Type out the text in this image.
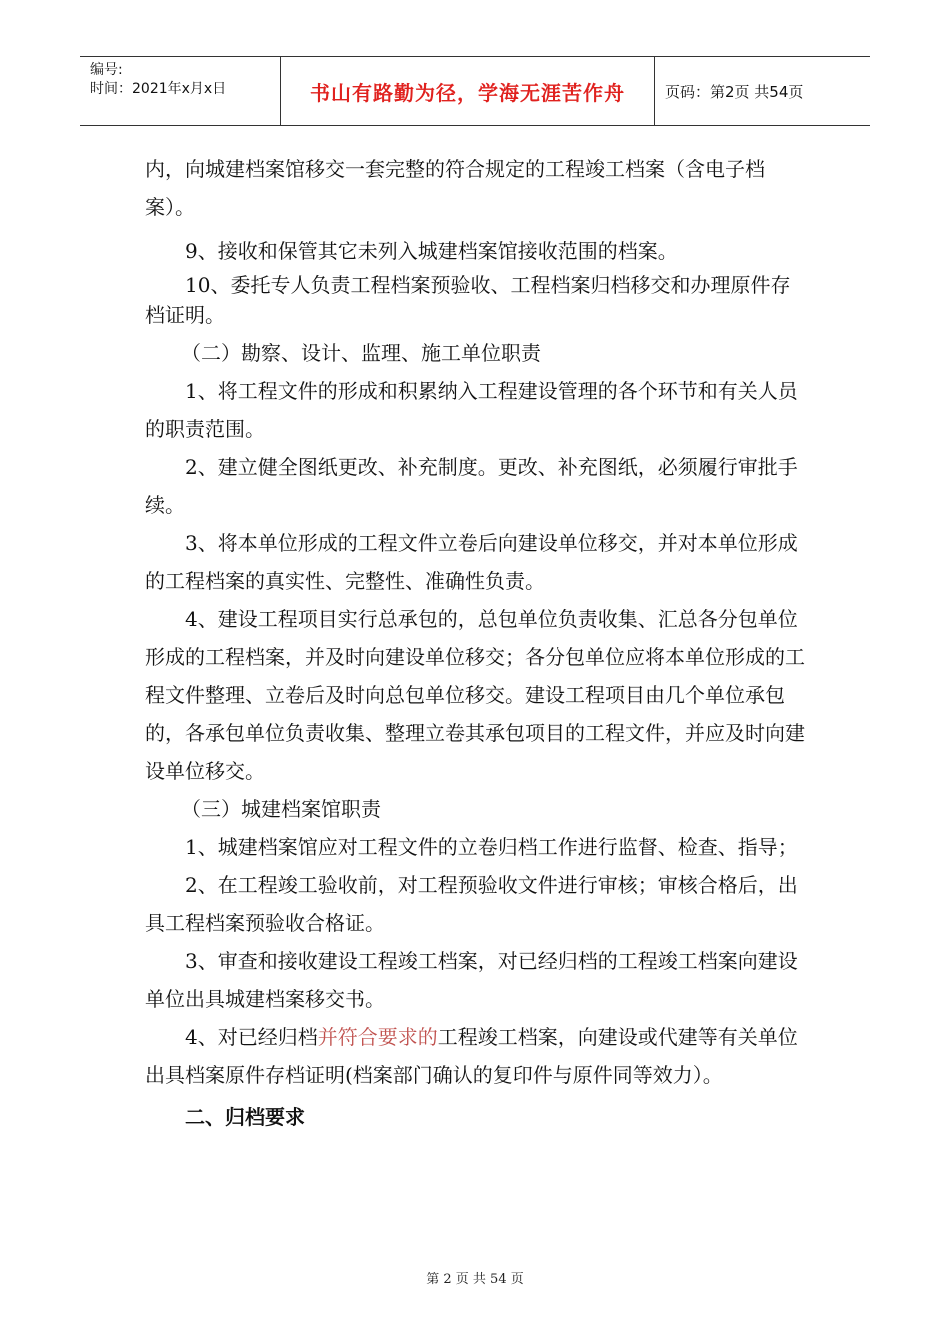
编号:
时间：2021年x月x日	书山有路勤为径，学海无涯苦作舟	页码：第2页 共54页

内，向城建档案馆移交一套完整的符合规定的工程竣工档案（含电子档案）。

9、接收和保管其它未列入城建档案馆接收范围的档案。

10、委托专人负责工程档案预验收、工程档案归档移交和办理原件存档证明。

（二）勘察、设计、监理、施工单位职责

1、将工程文件的形成和积累纳入工程建设管理的各个环节和有关人员的职责范围。

2、建立健全图纸更改、补充制度。更改、补充图纸，必须履行审批手续。

3、将本单位形成的工程文件立卷后向建设单位移交，并对本单位形成的工程档案的真实性、完整性、准确性负责。

4、建设工程项目实行总承包的，总包单位负责收集、汇总各分包单位形成的工程档案，并及时向建设单位移交；各分包单位应将本单位形成的工程文件整理、立卷后及时向总包单位移交。建设工程项目由几个单位承包的，各承包单位负责收集、整理立卷其承包项目的工程文件，并应及时向建设单位移交。

（三）城建档案馆职责

1、城建档案馆应对工程文件的立卷归档工作进行监督、检查、指导；

2、在工程竣工验收前，对工程预验收文件进行审核；审核合格后，出具工程档案预验收合格证。

3、审查和接收建设工程竣工档案，对已经归档的工程竣工档案向建设单位出具城建档案移交书。

4、对已经归档并符合要求的工程竣工档案，向建设或代建等有关单位出具档案原件存档证明(档案部门确认的复印件与原件同等效力）。

二、归档要求

第 2 页 共 54 页
